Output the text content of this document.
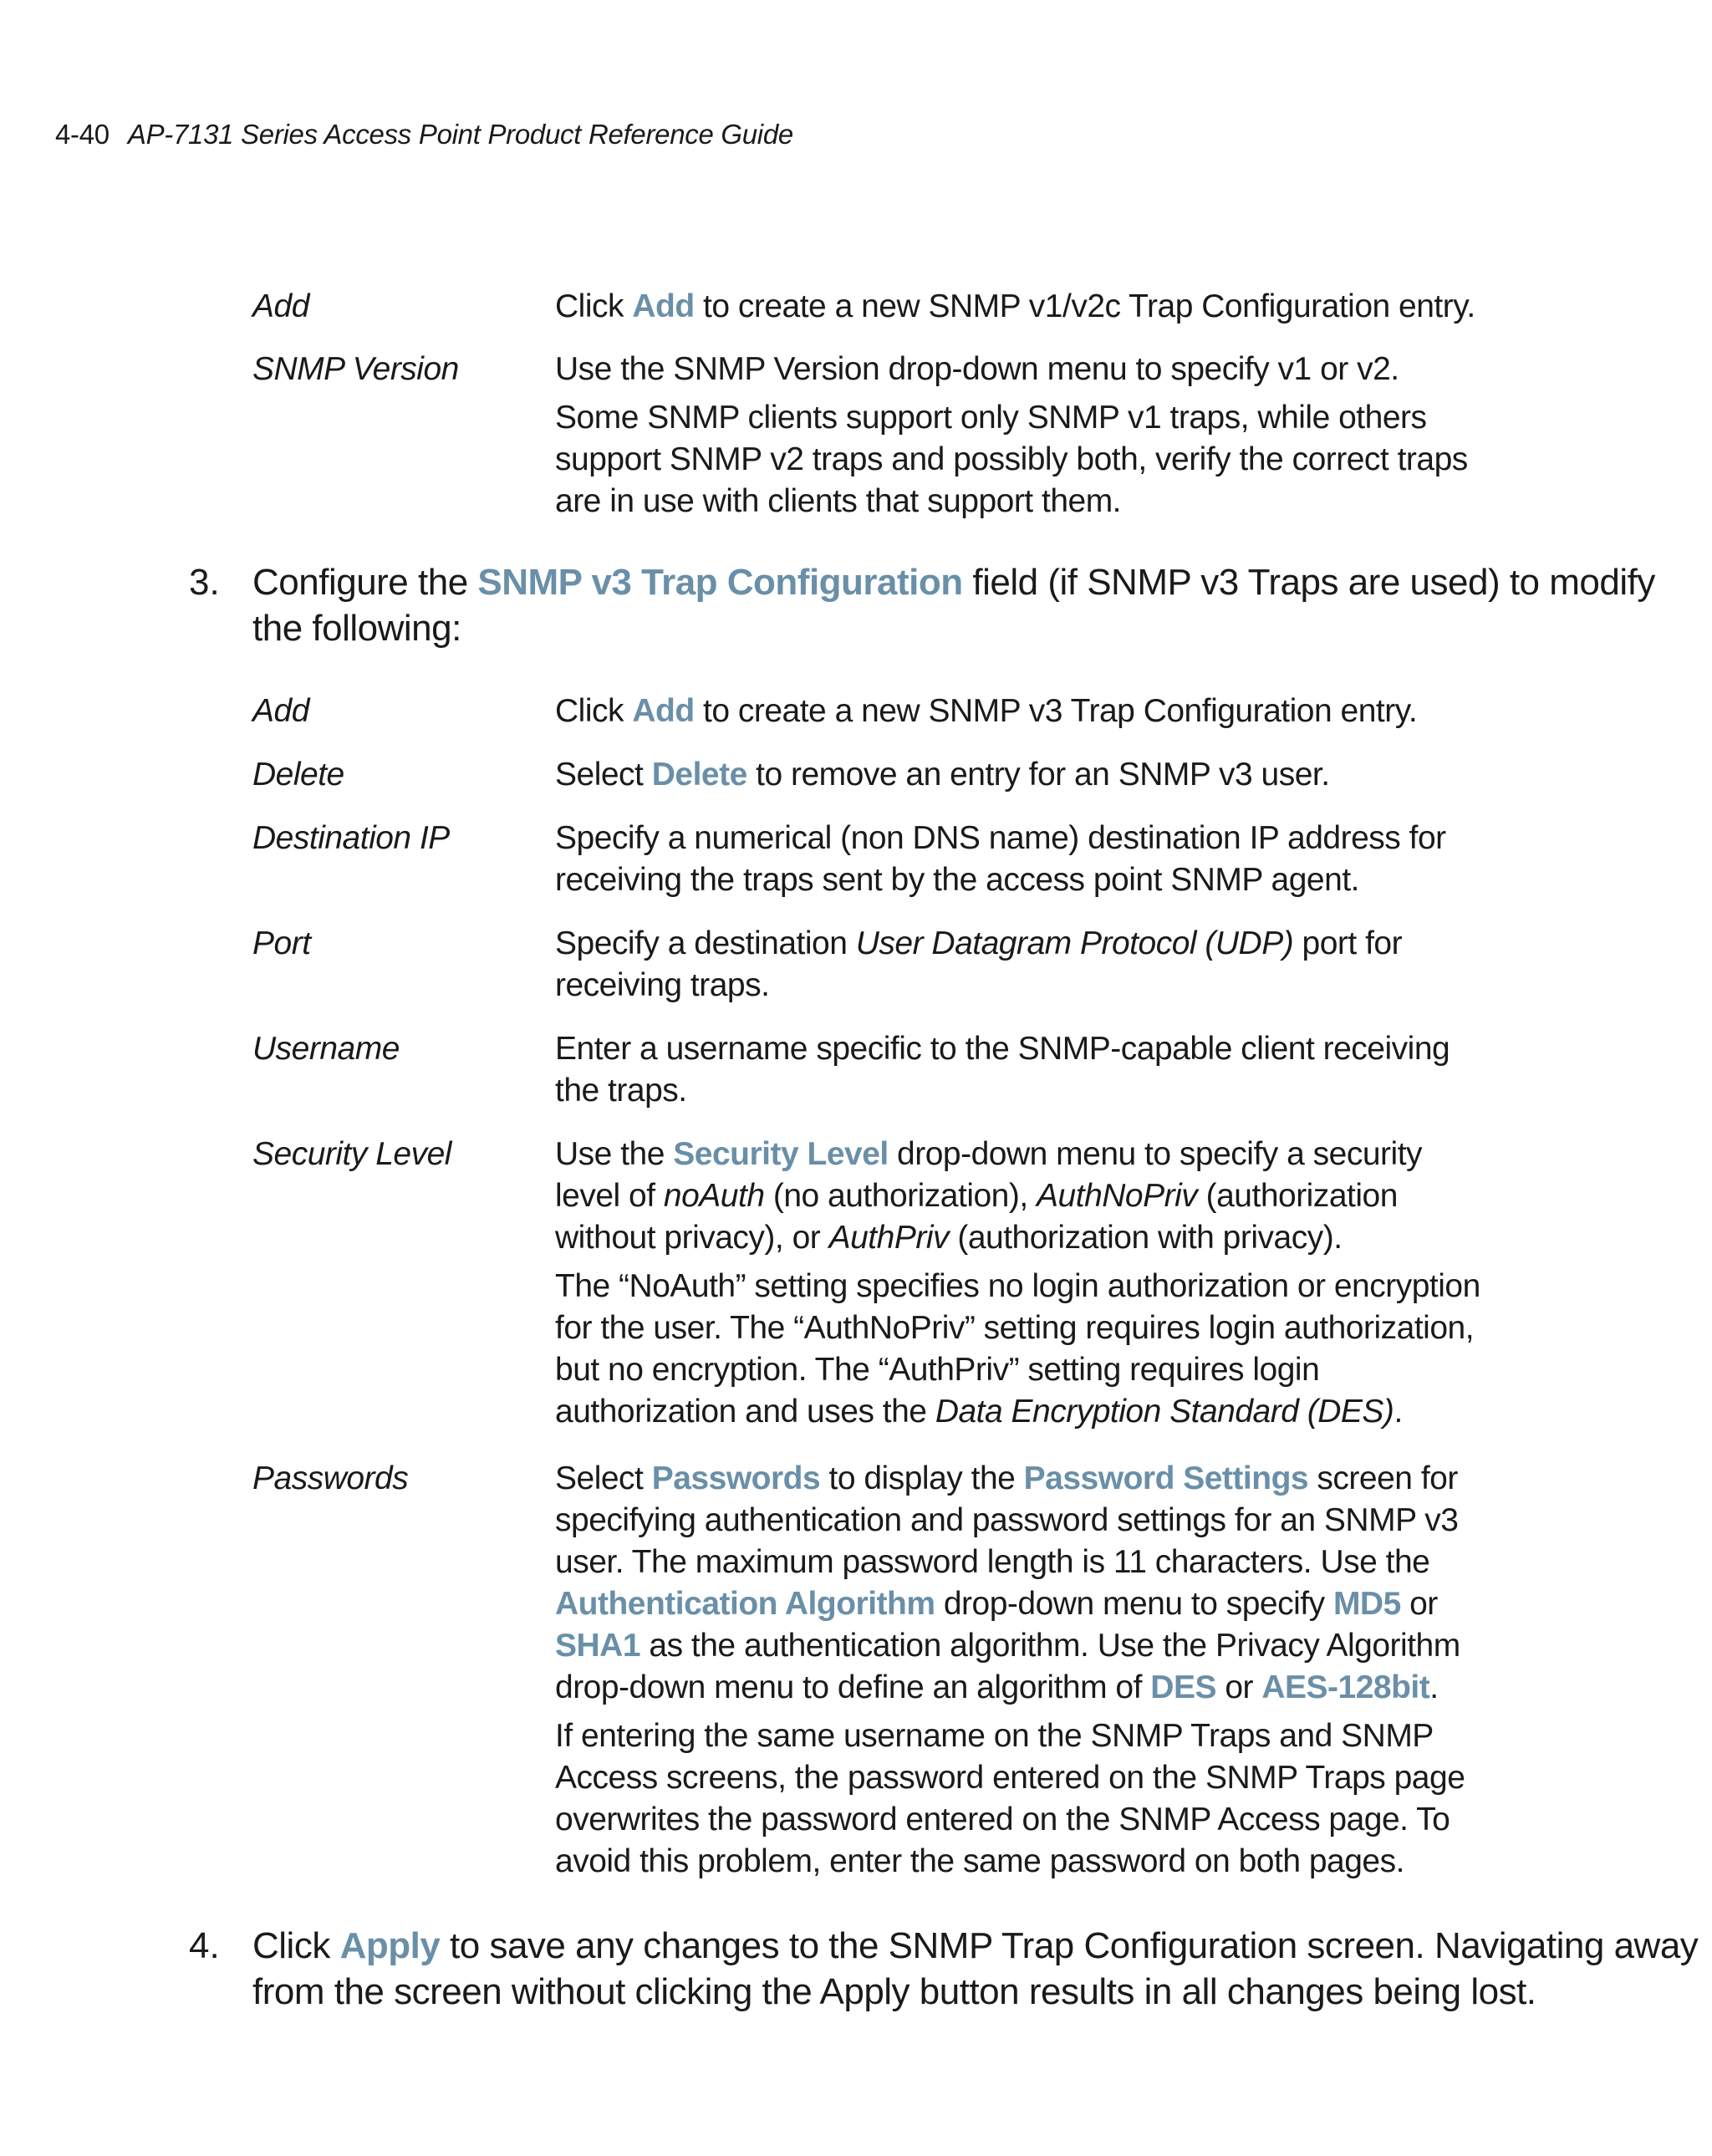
4-40 AP-7131 Series Access Point Product Reference Guide
Add	Click Add to create a new SNMP v1/v2c Trap Configuration entry.

SNMP Version	Use the SNMP Version drop-down menu to specify v1 or v2.

Some SNMP clients support only SNMP v1 traps, while others
support SNMP v2 traps and possibly both, verify the correct traps
are in use with clients that support them.

3. Configure the SNMP v3 Trap Configuration field (if SNMP v3 Traps are used) to modify
the following:
Add	Click Add to create a new SNMP v3 Trap Configuration entry.

Delete	Select Delete to remove an entry for an SNMP v3 user.

Destination IP	Specify a numerical (non DNS name) destination IP address for

receiving the traps sent by the access point SNMP agent.

Port	Specify a destination User Datagram Protocol (UDP) port for

receiving traps.

Username	Enter a username specific to the SNMP-capable client receiving

the traps.

Security Level	Use the Security Level drop-down menu to specify a security

level of noAuth (no authorization), AuthNoPriv (authorization

without privacy), or AuthPriv (authorization with privacy).

The “NoAuth” setting specifies no login authorization or encryption
for the user. The “AuthNoPriv” setting requires login authorization,
but no encryption. The “AuthPriv” setting requires login
authorization and uses the Data Encryption Standard (DES).

Passwords	Select Passwords to display the Password Settings screen for

specifying authentication and password settings for an SNMP v3

user. The maximum password length is 11 characters. Use the

Authentication Algorithm drop-down menu to specify MD5 or

SHA1 as the authentication algorithm. Use the Privacy Algorithm

drop-down menu to define an algorithm of DES or AES-128bit.

If entering the same username on the SNMP Traps and SNMP
Access screens, the password entered on the SNMP Traps page
overwrites the password entered on the SNMP Access page. To
avoid this problem, enter the same password on both pages.

4. Click Apply to save any changes to the SNMP Trap Configuration screen. Navigating away
from the screen without clicking the Apply button results in all changes being lost.
